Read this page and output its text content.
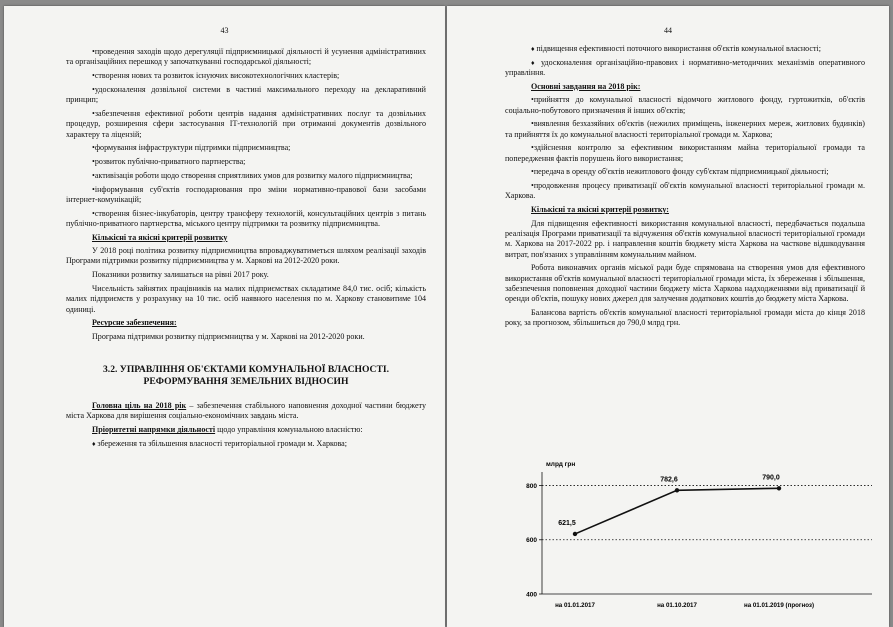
43
• проведення заходів щодо дерегуляції підприємницької діяльності й усунення адміністративних та організаційних перешкод у започаткуванні господарської діяльності;
• створення нових та розвиток існуючих високотехнологічних кластерів;
• удосконалення дозвільної системи в частині максимального переходу на декларативний принцип;
• забезпечення ефективної роботи центрів надання адміністративних послуг та дозвільних процедур, розширення сфери застосування ІТ-технологій при отриманні документів дозвільного характеру та ліцензій;
• формування інфраструктури підтримки підприємництва;
• розвиток публічно-приватного партнерства;
• активізація роботи щодо створення сприятливих умов для розвитку малого підприємництва;
• інформування суб'єктів господарювання про зміни нормативно-правової бази засобами інтернет-комунікацій;
• створення бізнес-інкубаторів, центру трансферу технологій, консультаційних центрів з питань публічно-приватного партнерства, міського центру підтримки та розвитку підприємництва.
Кількісні та якісні критерії розвитку
У 2018 році політика розвитку підприємництва впроваджуватиметься шляхом реалізації заходів Програми підтримки розвитку підприємництва у м. Харкові на 2012-2020 роки.
Показники розвитку залишаться на рівні 2017 року.
Чисельність зайнятих працівників на малих підприємствах складатиме 84,0 тис. осіб; кількість малих підприємств у розрахунку на 10 тис. осіб наявного населення по м. Харкову становитиме 104 одиниці.
Ресурсне забезпечення:
Програма підтримки розвитку підприємництва у м. Харкові на 2012-2020 роки.
3.2. УПРАВЛІННЯ ОБ'ЄКТАМИ КОМУНАЛЬНОЇ ВЛАСНОСТІ. РЕФОРМУВАННЯ ЗЕМЕЛЬНИХ ВІДНОСИН
Головна ціль на 2018 рік – забезпечення стабільного наповнення доходної частини бюджету міста Харкова для вирішення соціально-економічних завдань міста.
Пріоритетні напрямки діяльності щодо управління комунальною власністю:
♦ збереження та збільшення власності територіальної громади м. Харкова;
44
♦ підвищення ефективності поточного використання об'єктів комунальної власності;
♦ удосконалення організаційно-правових і нормативно-методичних механізмів оперативного управління.
Основні завдання на 2018 рік:
• прийняття до комунальної власності відомчого житлового фонду, гуртожитків, об'єктів соціально-побутового призначення й інших об'єктів;
• виявлення безхазяйних об'єктів (нежилих приміщень, інженерних мереж, житлових будинків) та прийняття їх до комунальної власності територіальної громади м. Харкова;
• здійснення контролю за ефективним використанням майна територіальної громади та попередження фактів порушень його використання;
• передача в оренду об'єктів нежитлового фонду суб'єктам підприємницької діяльності;
• продовження процесу приватизації об'єктів комунальної власності територіальної громади м. Харкова.
Кількісні та якісні критерії розвитку:
Для підвищення ефективності використання комунальної власності, передбачається подальша реалізація Програми приватизації та відчуження об'єктів комунальної власності територіальної громади м. Харкова на 2017-2022 рр. і направлення коштів бюджету міста Харкова на часткове відшкодування витрат, пов'язаних з управлінням комунальним майном.
Робота виконавчих органів міської ради буде спрямована на створення умов для ефективного використання об'єктів комунальної власності територіальної громади міста, їх збереження і збільшення, забезпечення поповнення доходної частини бюджету міста Харкова надходженнями від приватизації й оренди об'єктів, пошуку нових джерел для залучення додаткових коштів до бюджету міста Харкова.
Балансова вартість об'єктів комунальної власності територіальної громади міста до кінця 2018 року, за прогнозом, збільшиться до 790,0 млрд грн.
млрд грн
400
600
800
на 01.01.2017	на 01.10.2017	на 01.01.2019 (прогноз)
621,5
782,6	790,0
